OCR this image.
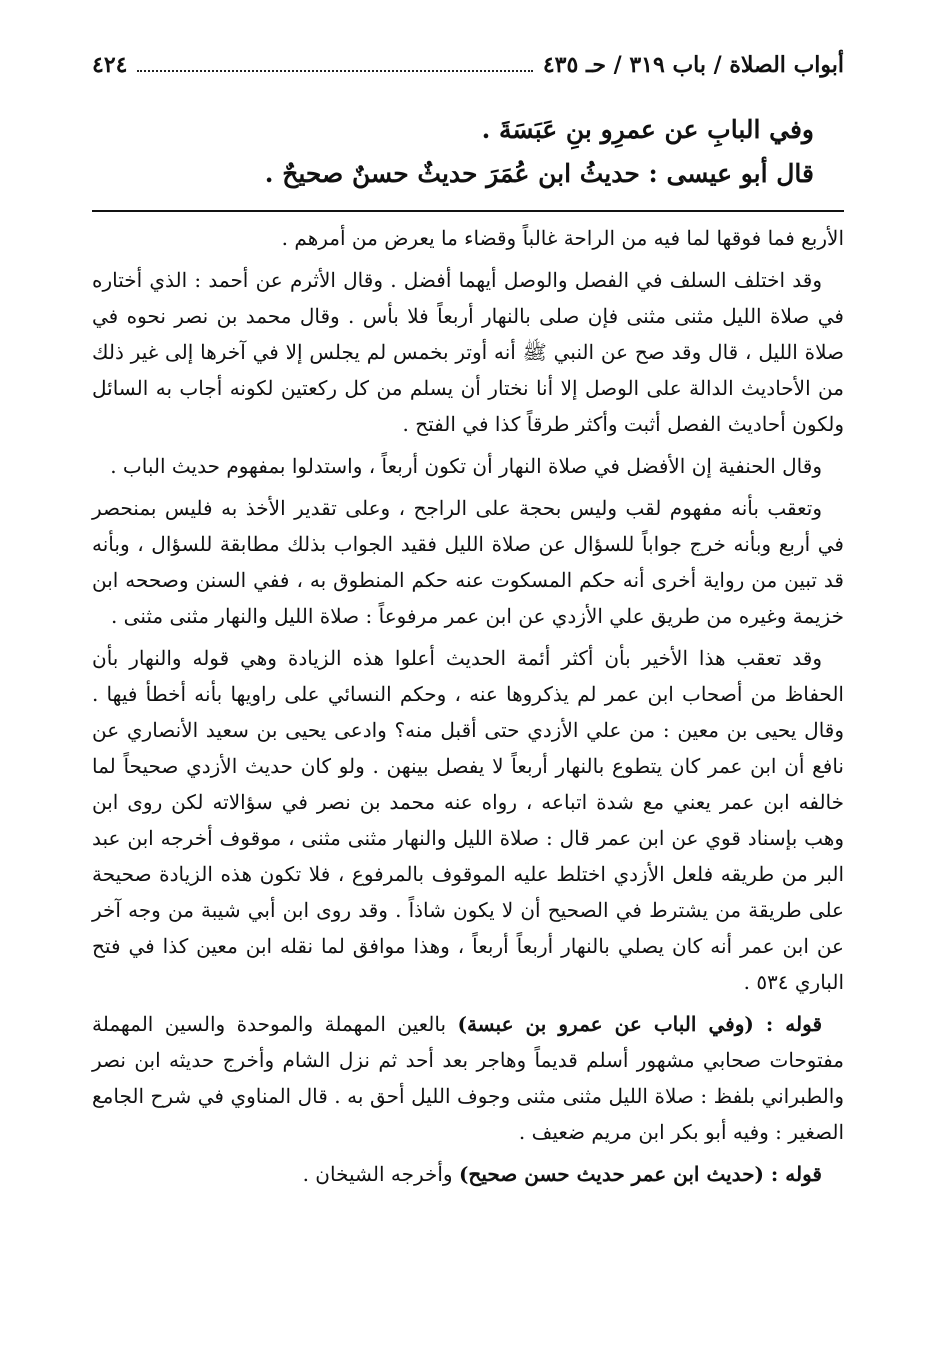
أبواب الصلاة / باب ٣١٩ / حـ ٤٣٥
٤٢٤

وفي البابِ عن عمرِو بنِ عَبَسَةَ .

قال أبو عيسى : حديثُ ابن عُمَرَ حديثٌ حسنٌ صحيحٌ .

الأربع فما فوقها لما فيه من الراحة غالباً وقضاء ما يعرض من أمرهم .

وقد اختلف السلف في الفصل والوصل أيهما أفضل . وقال الأثرم عن أحمد : الذي أختاره في صلاة الليل مثنى مثنى فإن صلى بالنهار أربعاً فلا بأس . وقال محمد بن نصر نحوه في صلاة الليل ، قال وقد صح عن النبي ﷺ أنه أوتر بخمس لم يجلس إلا في آخرها إلى غير ذلك من الأحاديث الدالة على الوصل إلا أنا نختار أن يسلم من كل ركعتين لكونه أجاب به السائل ولكون أحاديث الفصل أثبت وأكثر طرقاً كذا في الفتح .

وقال الحنفية إن الأفضل في صلاة النهار أن تكون أربعاً ، واستدلوا بمفهوم حديث الباب .

وتعقب بأنه مفهوم لقب وليس بحجة على الراجح ، وعلى تقدير الأخذ به فليس بمنحصر في أربع وبأنه خرج جواباً للسؤال عن صلاة الليل فقيد الجواب بذلك مطابقة للسؤال ، وبأنه قد تبين من رواية أخرى أنه حكم المسكوت عنه حكم المنطوق به ، ففي السنن وصححه ابن خزيمة وغيره من طريق علي الأزدي عن ابن عمر مرفوعاً : صلاة الليل والنهار مثنى مثنى .

وقد تعقب هذا الأخير بأن أكثر أئمة الحديث أعلوا هذه الزيادة وهي قوله والنهار بأن الحفاظ من أصحاب ابن عمر لم يذكروها عنه ، وحكم النسائي على راويها بأنه أخطأ فيها . وقال يحيى بن معين : من علي الأزدي حتى أقبل منه؟ وادعى يحيى بن سعيد الأنصاري عن نافع أن ابن عمر كان يتطوع بالنهار أربعاً لا يفصل بينهن . ولو كان حديث الأزدي صحيحاً لما خالفه ابن عمر يعني مع شدة اتباعه ، رواه عنه محمد بن نصر في سؤالاته لكن روى ابن وهب بإسناد قوي عن ابن عمر قال : صلاة الليل والنهار مثنى مثنى ، موقوف أخرجه ابن عبد البر من طريقه فلعل الأزدي اختلط عليه الموقوف بالمرفوع ، فلا تكون هذه الزيادة صحيحة على طريقة من يشترط في الصحيح أن لا يكون شاذاً . وقد روى ابن أبي شيبة من وجه آخر عن ابن عمر أنه كان يصلي بالنهار أربعاً أربعاً ، وهذا موافق لما نقله ابن معين كذا في فتح الباري ٥٣٤ .

قوله : (وفي الباب عن عمرو بن عبسة) بالعين المهملة والموحدة والسين المهملة مفتوحات صحابي مشهور أسلم قديماً وهاجر بعد أحد ثم نزل الشام وأخرج حديثه ابن نصر والطبراني بلفظ : صلاة الليل مثنى مثنى وجوف الليل أحق به . قال المناوي في شرح الجامع الصغير : وفيه أبو بكر ابن مريم ضعيف .

قوله : (حديث ابن عمر حديث حسن صحيح) وأخرجه الشيخان .
